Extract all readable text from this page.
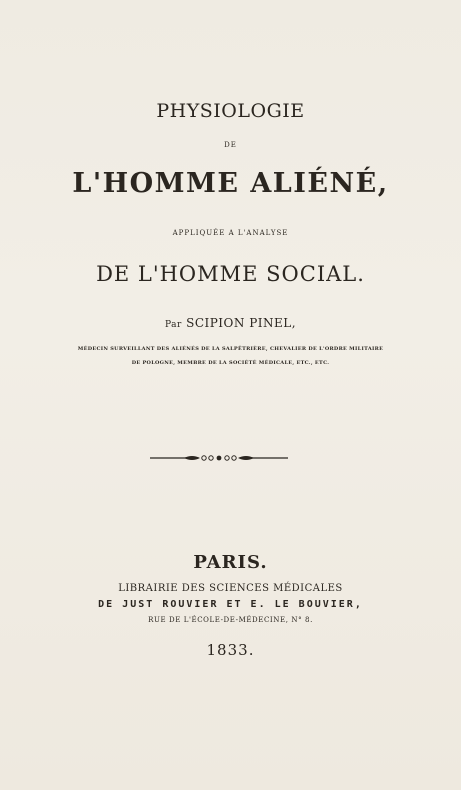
PHYSIOLOGIE
DE
L'HOMME ALIÉNÉ,
APPLIQUÉE A L'ANALYSE
DE L'HOMME SOCIAL.
Par SCIPION PINEL,
MÉDECIN SURVEILLANT DES ALIÉNÉS DE LA SALPÊTRIÈRE, CHEVALIER DE L'ORDRE MILITAIRE
DE POLOGNE, MEMBRE DE LA SOCIÉTÉ MÉDICALE, ETC., ETC.
PARIS.
LIBRAIRIE DES SCIENCES MÉDICALES
DE JUST ROUVIER ET E. LE BOUVIER,
RUE DE L'ÉCOLE-DE-MÉDECINE, N° 8.
1833.
